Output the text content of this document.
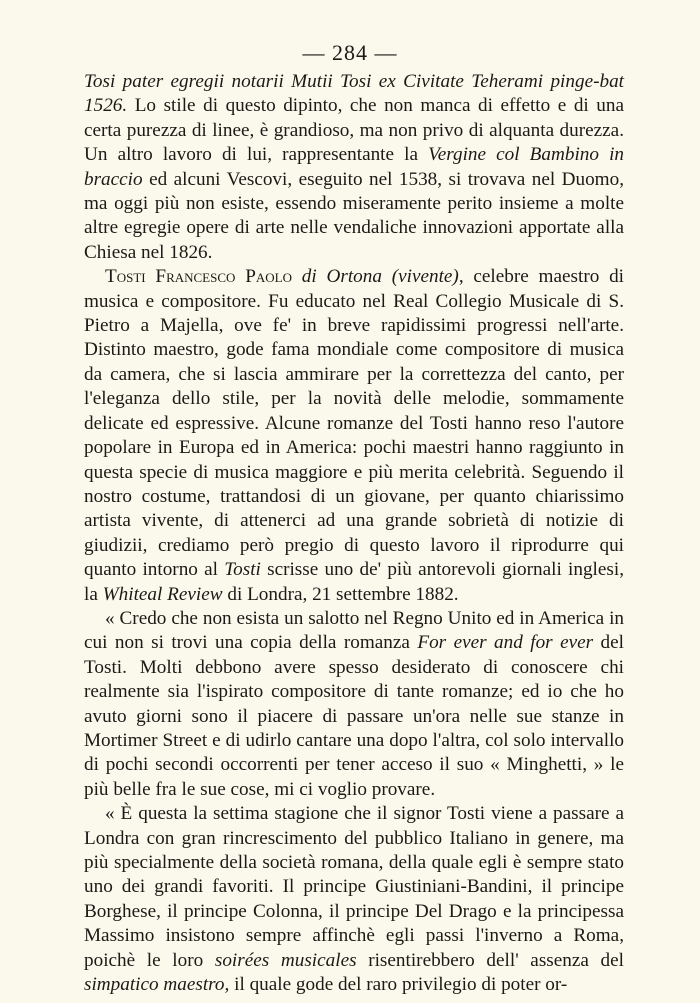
— 284 —

Tosi pater egregii notarii Mutii Tosi ex Civitate Teherami pinge-bat 1526. Lo stile di questo dipinto, che non manca di effetto e di una certa purezza di linee, è grandioso, ma non privo di alquanta durezza. Un altro lavoro di lui, rappresentante la Vergine col Bambino in braccio ed alcuni Vescovi, eseguito nel 1538, si trovava nel Duomo, ma oggi più non esiste, essendo miseramente perito insieme a molte altre egregie opere di arte nelle vendaliche innovazioni apportate alla Chiesa nel 1826.

Tosti Francesco Paolo di Ortona (vivente), celebre maestro di musica e compositore. Fu educato nel Real Collegio Musicale di S. Pietro a Majella, ove fe' in breve rapidissimi progressi nell'arte. Distinto maestro, gode fama mondiale come compositore di musica da camera, che si lascia ammirare per la correttezza del canto, per l'eleganza dello stile, per la novità delle melodie, sommamente delicate ed espressive. Alcune romanze del Tosti hanno reso l'autore popolare in Europa ed in America: pochi maestri hanno raggiunto in questa specie di musica maggiore e più merita celebrità. Seguendo il nostro costume, trattandosi di un giovane, per quanto chiarissimo artista vivente, di attenerci ad una grande sobrietà di notizie di giudizii, crediamo però pregio di questo lavoro il riprodurre qui quanto intorno al Tosti scrisse uno de' più antorevoli giornali inglesi, la Whiteal Review di Londra, 21 settembre 1882.

« Credo che non esista un salotto nel Regno Unito ed in America in cui non si trovi una copia della romanza For ever and for ever del Tosti. Molti debbono avere spesso desiderato di conoscere chi realmente sia l'ispirato compositore di tante romanze; ed io che ho avuto giorni sono il piacere di passare un'ora nelle sue stanze in Mortimer Street e di udirlo cantare una dopo l'altra, col solo intervallo di pochi secondi occorrenti per tener acceso il suo « Minghetti, » le più belle fra le sue cose, mi ci voglio provare.

« È questa la settima stagione che il signor Tosti viene a passare a Londra con gran rincrescimento del pubblico Italiano in genere, ma più specialmente della società romana, della quale egli è sempre stato uno dei grandi favoriti. Il principe Giustiniani-Bandini, il principe Borghese, il principe Colonna, il principe Del Drago e la principessa Massimo insistono sempre affinchè egli passi l'inverno a Roma, poichè le loro soirées musicales risentirebbero dell' assenza del simpatico maestro, il quale gode del raro privilegio di poter or-
